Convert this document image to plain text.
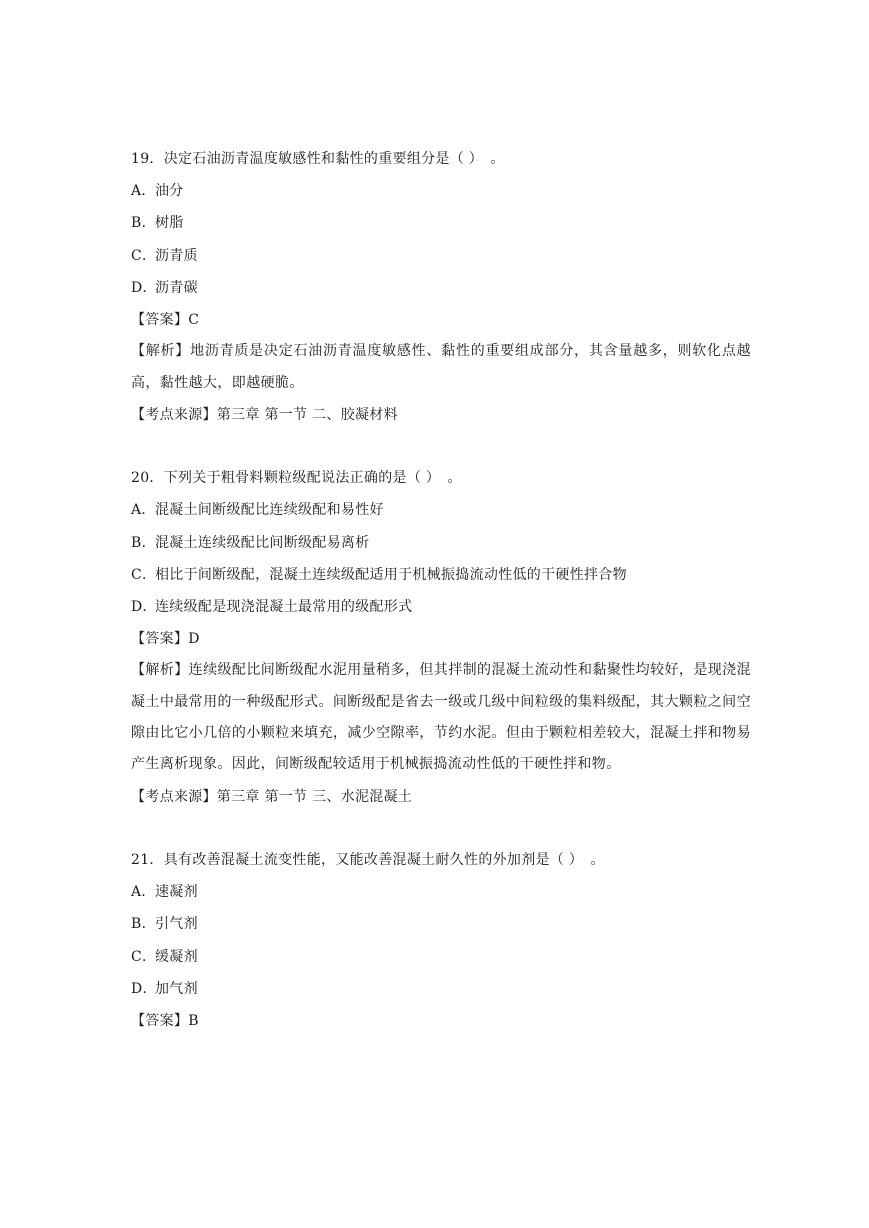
19．决定石油沥青温度敏感性和黏性的重要组分是（ ）　。
A．油分
B．树脂
C．沥青质
D．沥青碳
【答案】C
【解析】地沥青质是决定石油沥青温度敏感性、黏性的重要组成部分，其含量越多，则软化点越高，黏性越大，即越硬脆。
【考点来源】第三章 第一节 二、胶凝材料
20．下列关于粗骨料颗粒级配说法正确的是（ ）　。
A．混凝土间断级配比连续级配和易性好
B．混凝土连续级配比间断级配易离析
C．相比于间断级配，混凝土连续级配适用于机械振捣流动性低的干硬性拌合物
D．连续级配是现浇混凝土最常用的级配形式
【答案】D
【解析】连续级配比间断级配水泥用量稍多，但其拌制的混凝土流动性和黏聚性均较好，是现浇混凝土中最常用的一种级配形式。间断级配是省去一级或几级中间粒级的集料级配，其大颗粒之间空隙由比它小几倍的小颗粒来填充，减少空隙率，节约水泥。但由于颗粒相差较大，混凝土拌和物易产生离析现象。因此，间断级配较适用于机械振捣流动性低的干硬性拌和物。
【考点来源】第三章 第一节 三、水泥混凝土
21．具有改善混凝土流变性能，又能改善混凝土耐久性的外加剂是（ ）　。
A．速凝剂
B．引气剂
C．缓凝剂
D．加气剂
【答案】B
